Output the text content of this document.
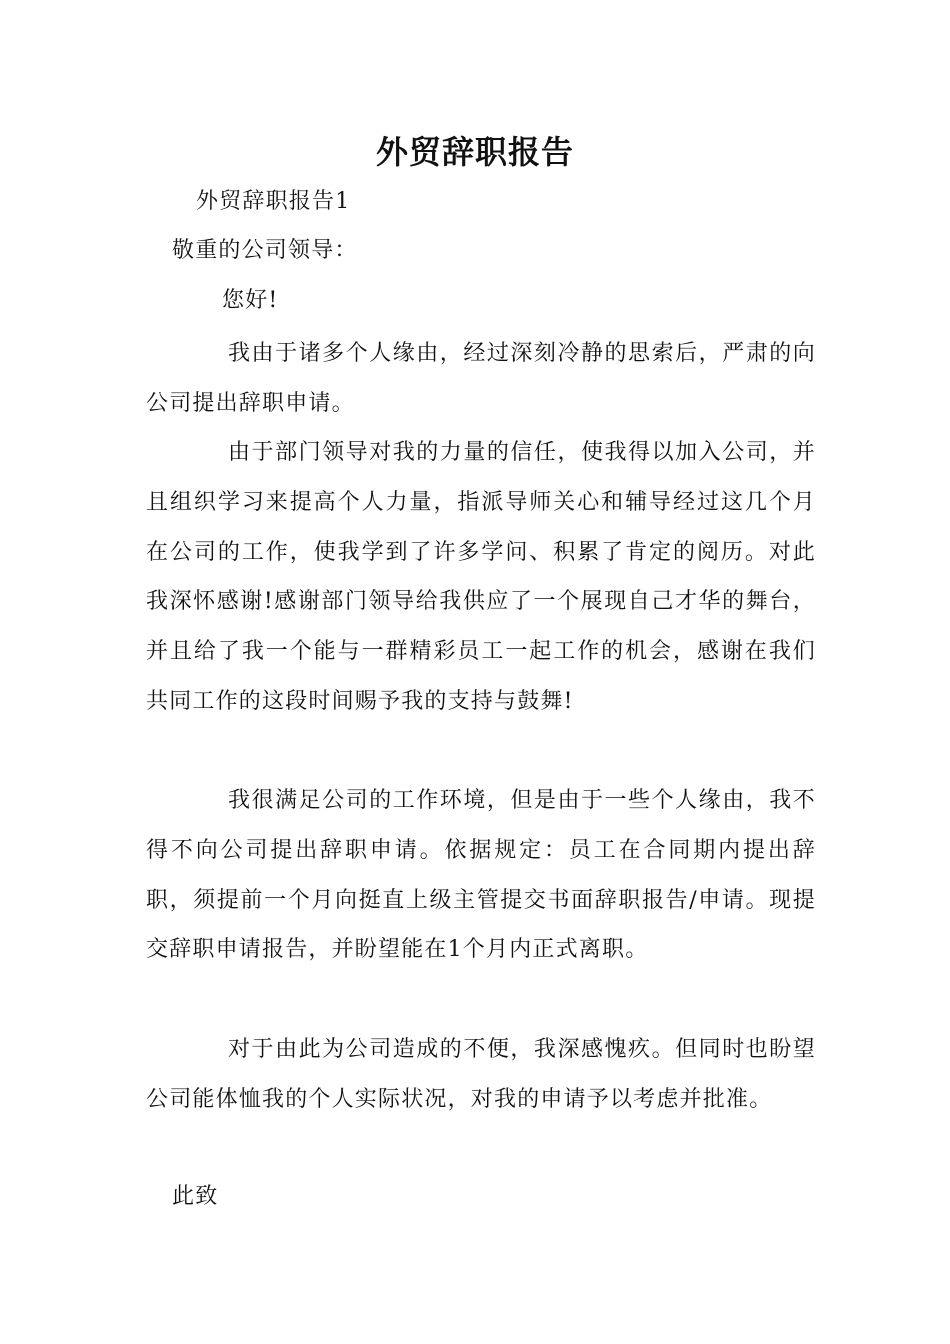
外贸辞职报告
外贸辞职报告1
敬重的公司领导：
您好!
我由于诸多个人缘由，经过深刻冷静的思索后，严肃的向公司提出辞职申请。
由于部门领导对我的力量的信任，使我得以加入公司，并且组织学习来提高个人力量，指派导师关心和辅导经过这几个月在公司的工作，使我学到了许多学问、积累了肯定的阅历。对此我深怀感谢!感谢部门领导给我供应了一个展现自己才华的舞台，并且给了我一个能与一群精彩员工一起工作的机会，感谢在我们共同工作的这段时间赐予我的支持与鼓舞!
我很满足公司的工作环境，但是由于一些个人缘由，我不得不向公司提出辞职申请。依据规定：员工在合同期内提出辞职，须提前一个月向挺直上级主管提交书面辞职报告/申请。现提交辞职申请报告，并盼望能在1个月内正式离职。
对于由此为公司造成的不便，我深感愧疚。但同时也盼望公司能体恤我的个人实际状况，对我的申请予以考虑并批准。
此致
